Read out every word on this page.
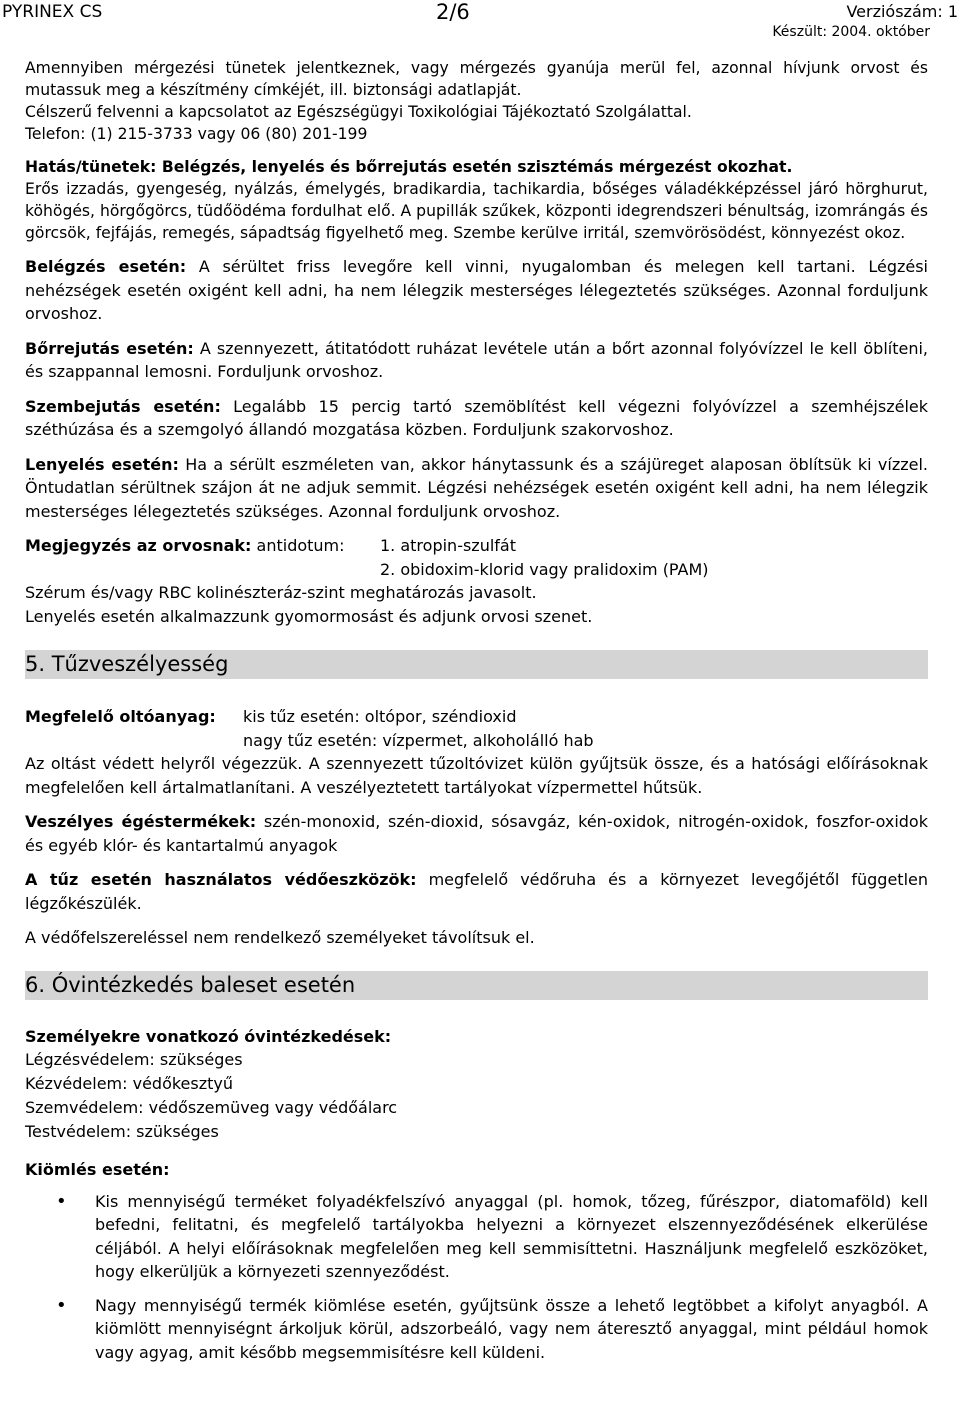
PYRINEX CS	2/6	Verziószám: 1
Készült: 2004. október

Amennyiben mérgezési tünetek jelentkeznek, vagy mérgezés gyanúja merül fel, azonnal hívjunk orvost és mutassuk meg a készítmény címkéjét, ill. biztonsági adatlapját.

Célszerű felvenni a kapcsolatot az Egészségügyi Toxikológiai Tájékoztató Szolgálattal.

Telefon: (1) 215-3733 vagy 06 (80) 201-199

Hatás/tünetek: Belégzés, lenyelés és bőrrejutás esetén szisztémás mérgezést okozhat.

Erős izzadás, gyengeség, nyálzás, émelygés, bradikardia, tachikardia, bőséges váladékképzéssel járó hörghurut, köhögés, hörgőgörcs, tüdőödéma fordulhat elő. A pupillák szűkek, központi idegrendszeri bénultság, izomrángás és görcsök, fejfájás, remegés, sápadtság figyelhető meg. Szembe kerülve irritál, szemvörösödést, könnyezést okoz.

Belégzés esetén: A sérültet friss levegőre kell vinni, nyugalomban és melegen kell tartani. Légzési nehézségek esetén oxigént kell adni, ha nem lélegzik mesterséges lélegeztetés szükséges. Azonnal forduljunk orvoshoz.

Bőrrejutás esetén: A szennyezett, átitatódott ruházat levétele után a bőrt azonnal folyóvízzel le kell öblíteni, és szappannal lemosni. Forduljunk orvoshoz.

Szembejutás esetén: Legalább 15 percig tartó szemöblítést kell végezni folyóvízzel a szemhéjszélek széthúzása és a szemgolyó állandó mozgatása közben. Forduljunk szakorvoshoz.

Lenyelés esetén: Ha a sérült eszméleten van, akkor hánytassunk és a szájüreget alaposan öblítsük ki vízzel. Öntudatlan sérültnek szájon át ne adjuk semmit. Légzési nehézségek esetén oxigént kell adni, ha nem lélegzik mesterséges lélegeztetés szükséges. Azonnal forduljunk orvoshoz.

Megjegyzés az orvosnak: antidotum:	1. atropin-szulfát
2. obidoxim-klorid vagy pralidoxim (PAM)

Szérum és/vagy RBC kolinészteráz-szint meghatározás javasolt.

Lenyelés esetén alkalmazzunk gyomormosást és adjunk orvosi szenet.

5. Tűzveszélyesség
Megfelelő oltóanyag:	kis tűz esetén: oltópor, széndioxid
nagy tűz esetén: vízpermet, alkoholálló hab

Az oltást védett helyről végezzük. A szennyezett tűzoltóvizet külön gyűjtsük össze, és a hatósági előírásoknak megfelelően kell ártalmatlanítani. A veszélyeztetett tartályokat vízpermettel hűtsük.

Veszélyes égéstermékek: szén-monoxid, szén-dioxid, sósavgáz, kén-oxidok, nitrogén-oxidok, foszfor-oxidok és egyéb klór- és kantartalmú anyagok

A tűz esetén használatos védőeszközök: megfelelő védőruha és a környezet levegőjétől független légzőkészülék.

A védőfelszereléssel nem rendelkező személyeket távolítsuk el.

6. Óvintézkedés baleset esetén

Személyekre vonatkozó óvintézkedések:

Légzésvédelem: szükséges

Kézvédelem: védőkesztyű

Szemvédelem: védőszemüveg vagy védőálarc

Testvédelem: szükséges

Kiömlés esetén:

• Kis mennyiségű terméket folyadékfelszívó anyaggal (pl. homok, tőzeg, fűrészpor, diatomaföld) kell befedni, felitatni, és megfelelő tartályokba helyezni a környezet elszennyeződésének elkerülése céljából. A helyi előírásoknak megfelelően meg kell semmisíttetni. Használjunk megfelelő eszközöket, hogy elkerüljük a környezeti szennyeződést.
• Nagy mennyiségű termék kiömlése esetén, gyűjtsünk össze a lehető legtöbbet a kifolyt anyagból. A kiömlött mennyiségnt árkoljuk körül, adszorbeáló, vagy nem áteresztő anyaggal, mint például homok vagy agyag, amit később megsemmisítésre kell küldeni.
